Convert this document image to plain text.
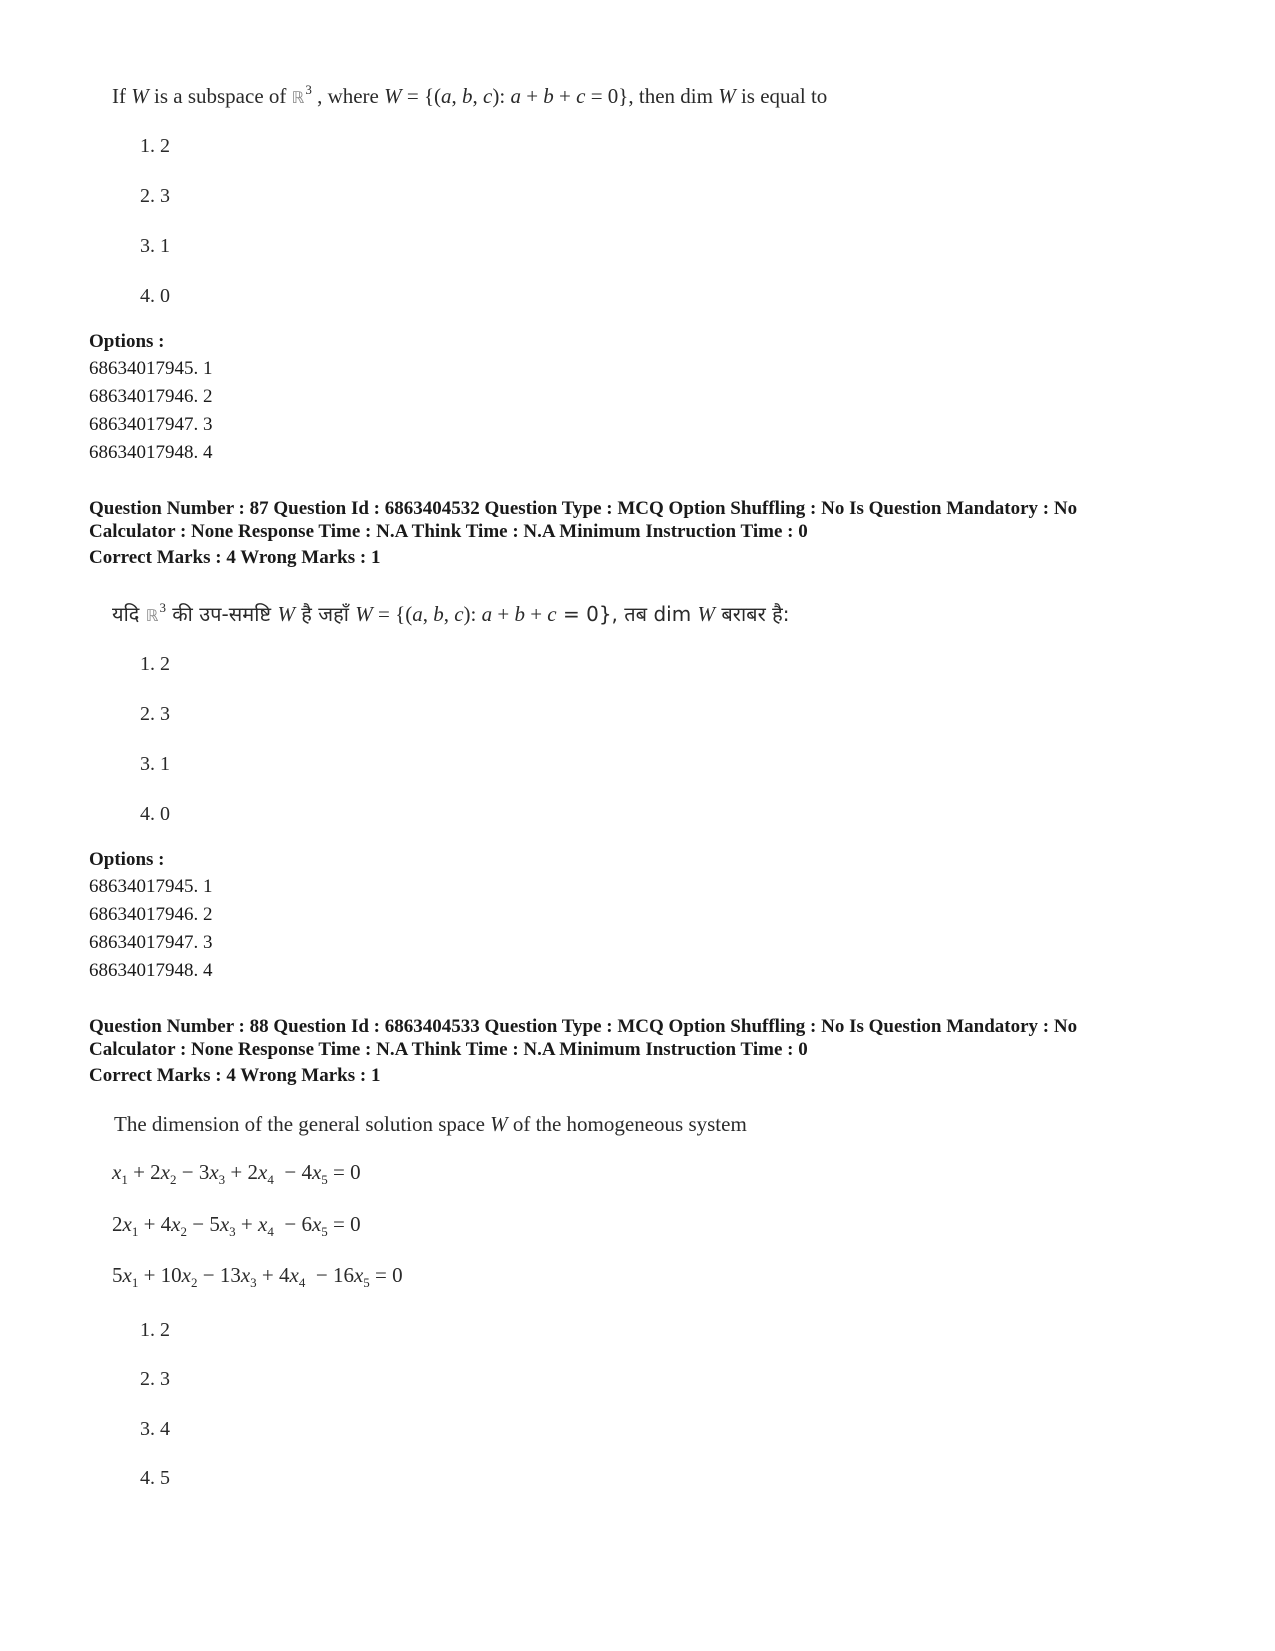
If W is a subspace of ℝ$^3$ , where W = {(a, b, c): a + b + c = 0}, then dim W is equal to
1. 2
2. 3
3. 1
4. 0
Options :
68634017945. 1
68634017946. 2
68634017947. 3
68634017948. 4
Question Number : 87 Question Id : 6863404532 Question Type : MCQ Option Shuffling : No Is Question Mandatory : No
Calculator : None Response Time : N.A Think Time : N.A Minimum Instruction Time : 0
Correct Marks : 4 Wrong Marks : 1
यदि ℝ$^3$ की उप-समष्टि W है जहाँ W = {(a, b, c): a + b + c = 0}, तब dim W बराबर है:
1. 2
2. 3
3. 1
4. 0
Options :
68634017945. 1
68634017946. 2
68634017947. 3
68634017948. 4
Question Number : 88 Question Id : 6863404533 Question Type : MCQ Option Shuffling : No Is Question Mandatory : No
Calculator : None Response Time : N.A Think Time : N.A Minimum Instruction Time : 0
Correct Marks : 4 Wrong Marks : 1
The dimension of the general solution space W of the homogeneous system
$x_1 + 2x_2 - 3x_3 + 2x_4 - 4x_5 = 0$
$2x_1 + 4x_2 - 5x_3 + x_4 - 6x_5 = 0$
$5x_1 + 10x_2 - 13x_3 + 4x_4 - 16x_5 = 0$
1. 2
2. 3
3. 4
4. 5
